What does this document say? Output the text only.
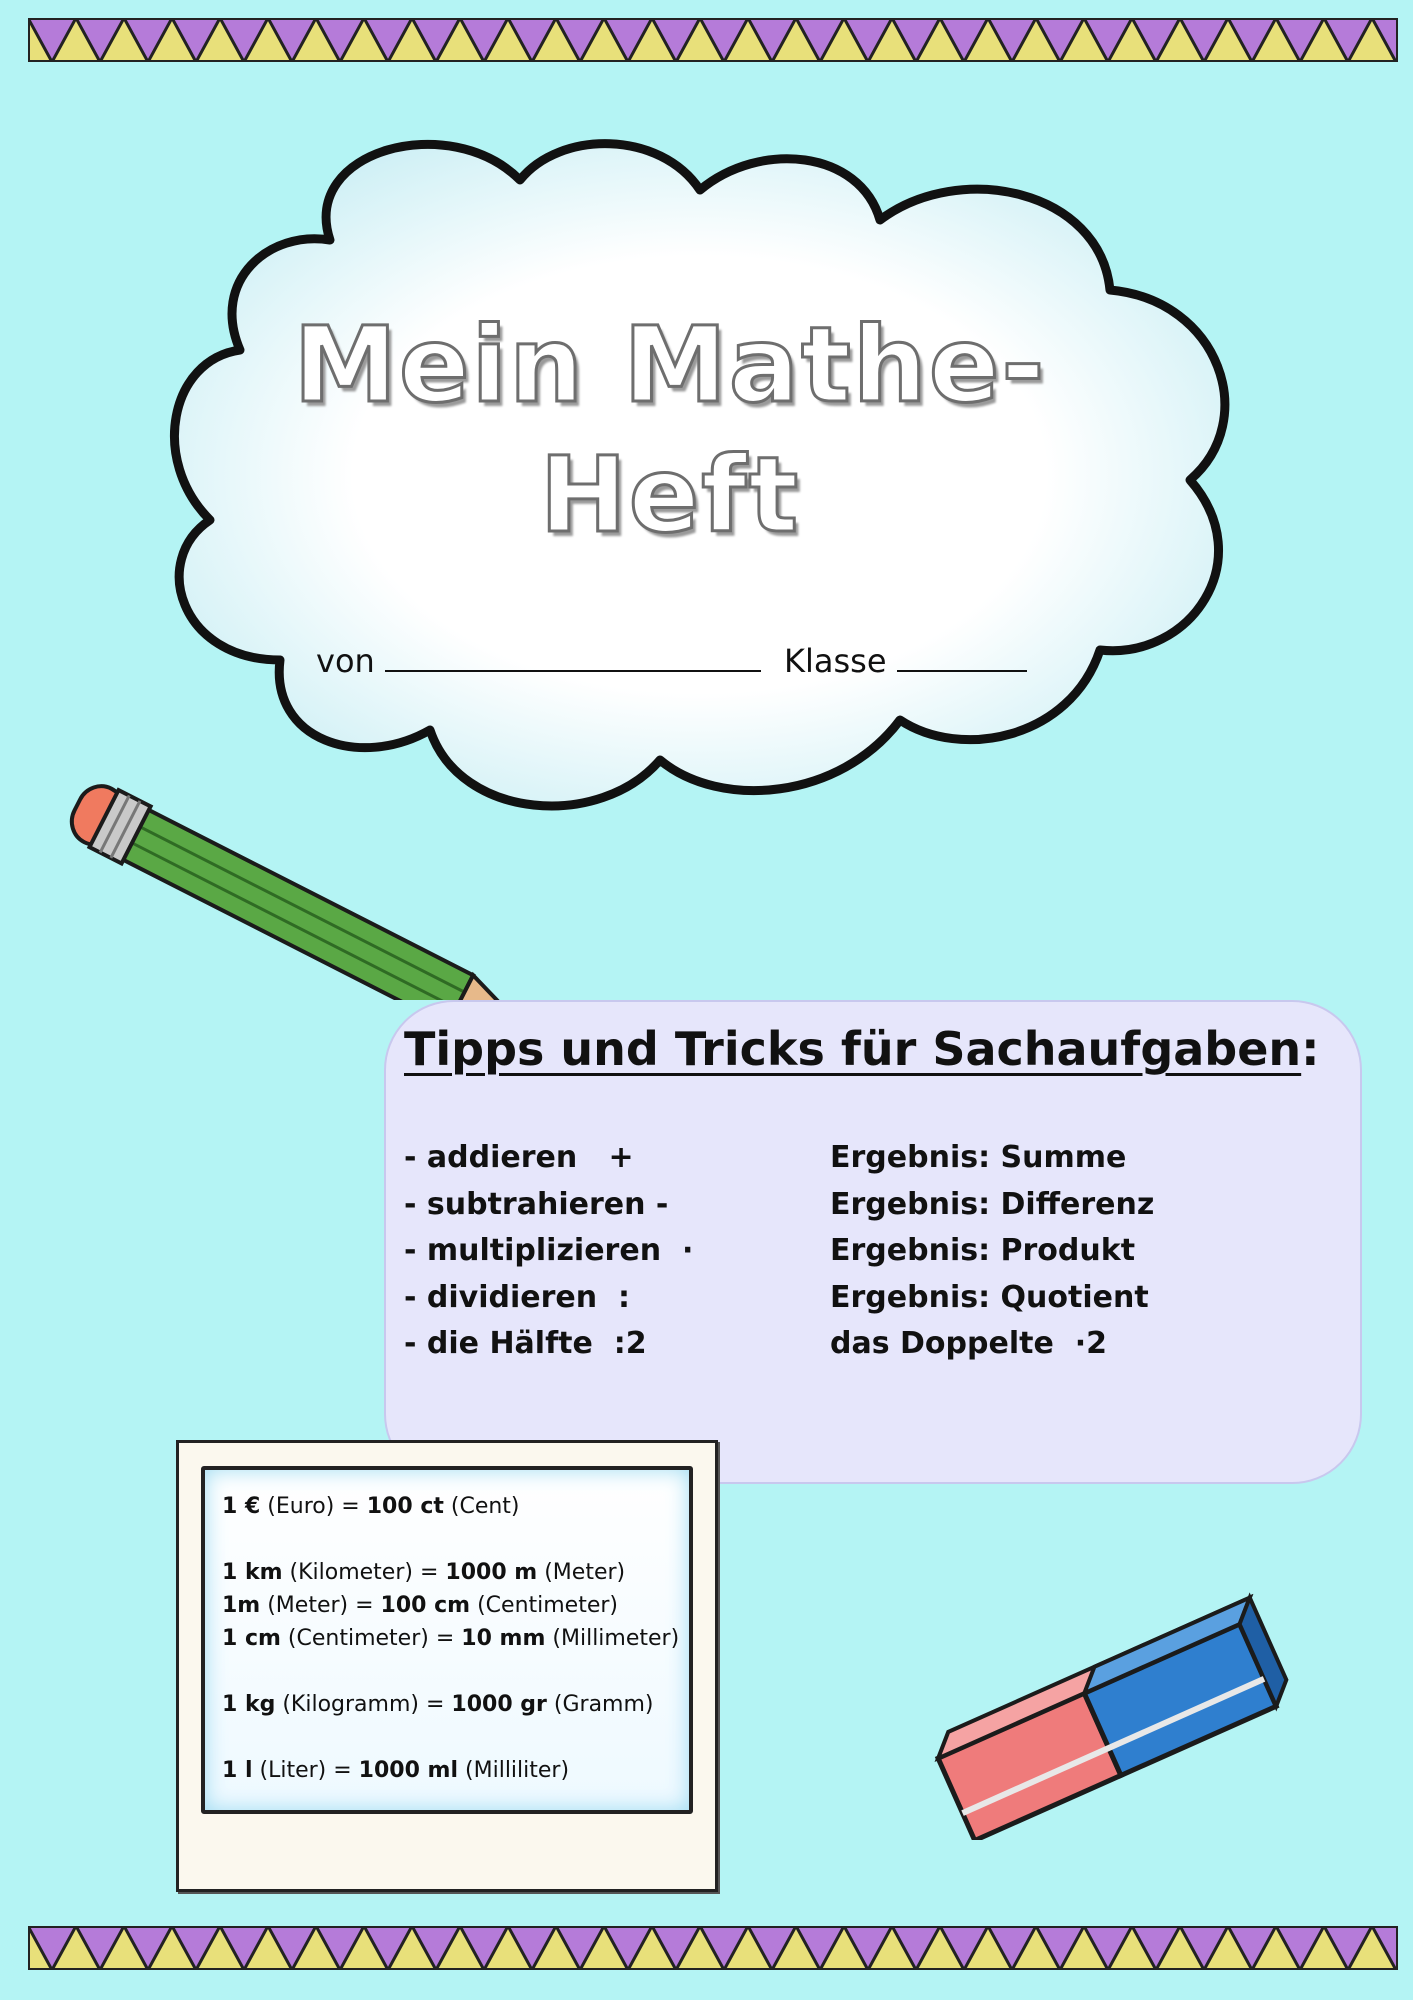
Mein Mathe-
Heft
von	Klasse
Tipps und Tricks für Sachaufgaben:
- addieren   +
- subtrahieren -
- multiplizieren  ·
- dividieren  :
- die Hälfte  :2
Ergebnis: Summe
Ergebnis: Differenz
Ergebnis: Produkt
Ergebnis: Quotient
das Doppelte  ·2
1 € (Euro) = 100 ct (Cent)
1 km (Kilometer) = 1000 m (Meter)
1m (Meter) = 100 cm (Centimeter)
1 cm (Centimeter) = 10 mm (Millimeter)
1 kg (Kilogramm) = 1000 gr (Gramm)
1 l (Liter) = 1000 ml (Milliliter)
